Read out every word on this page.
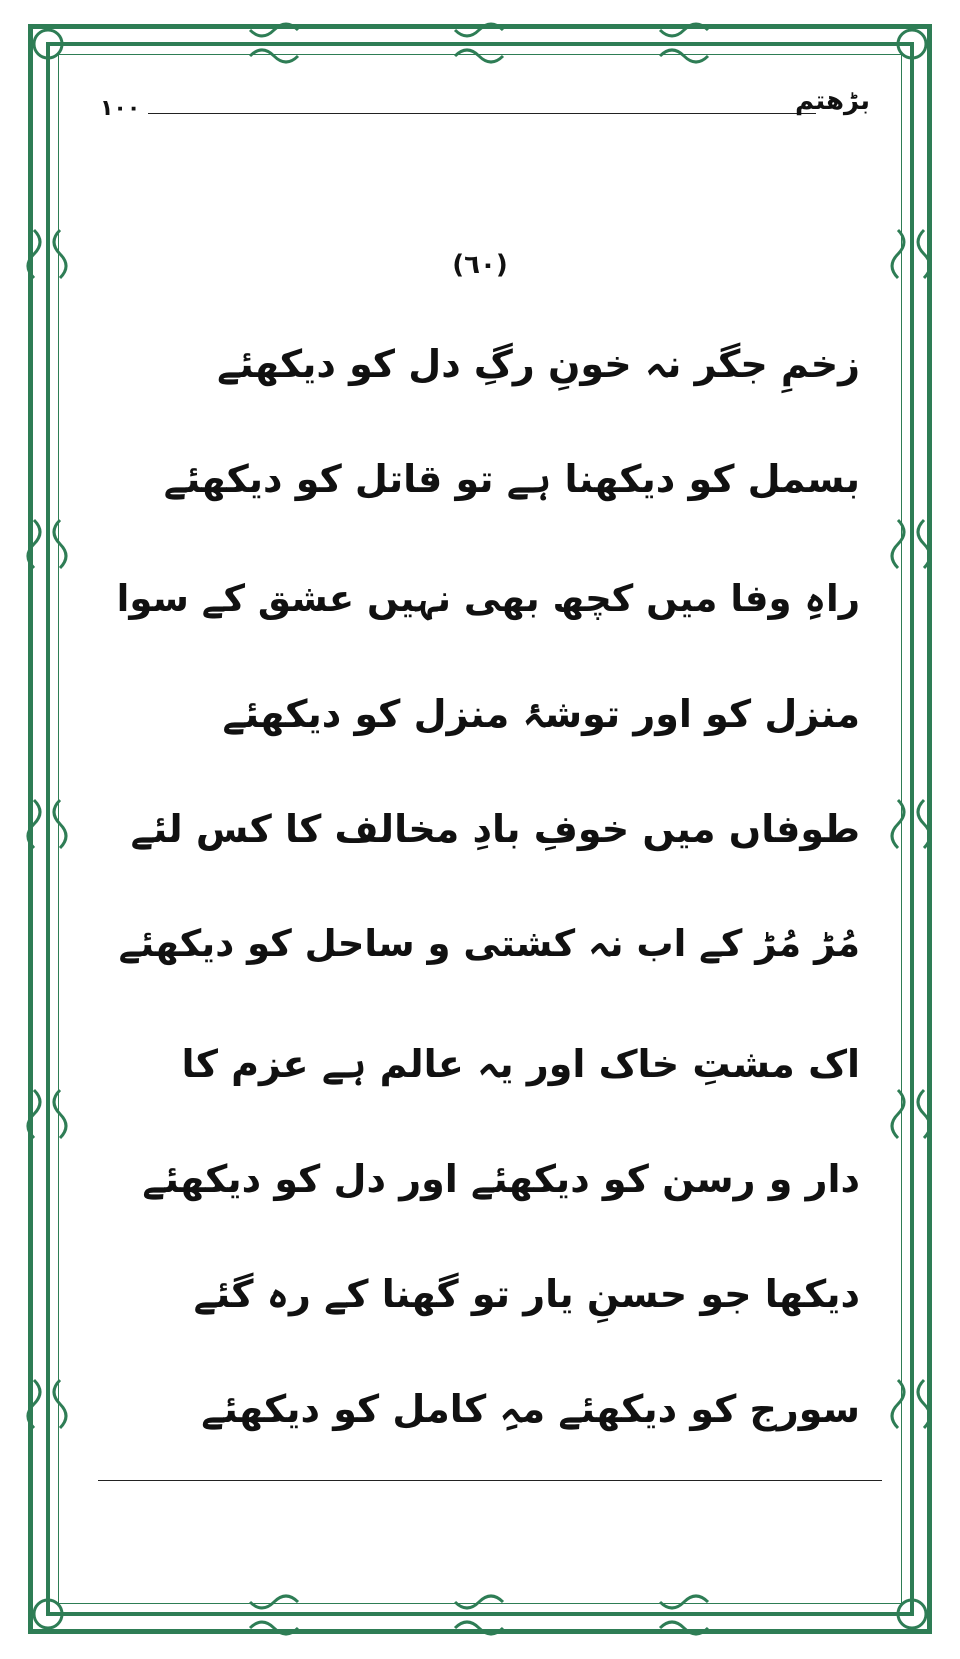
١٠٠	بڑھتم
(٦٠)
زخمِ جگر نہ خونِ رگِ دل کو دیکھئے
بسمل کو دیکھنا ہے تو قاتل کو دیکھئے
راہِ وفا میں کچھ بھی نہیں عشق کے سوا
منزل کو اور توشۂ منزل کو دیکھئے
طوفاں میں خوفِ بادِ مخالف کا کس لئے
مُڑ مُڑ کے اب نہ کشتی و ساحل کو دیکھئے
اک مشتِ خاک اور یہ عالم ہے عزم کا
دار و رسن کو دیکھئے اور دل کو دیکھئے
دیکھا جو حسنِ یار تو گھنا کے رہ گئے
سورج کو دیکھئے مہِ کامل کو دیکھئے
